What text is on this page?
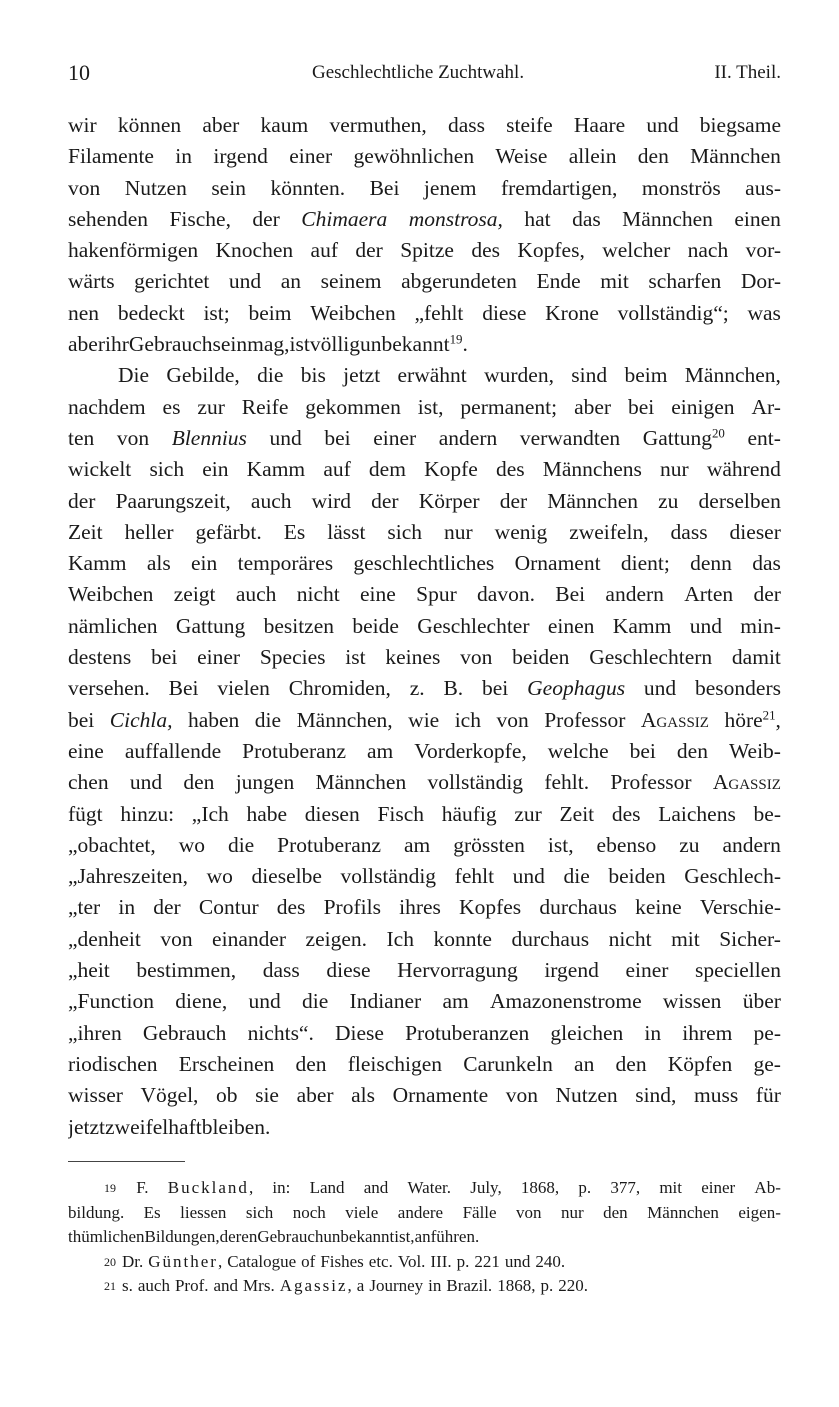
10	Geschlechtliche Zuchtwahl.	II. Theil.
wir können aber kaum vermuthen, dass steife Haare und biegsame
Filamente in irgend einer gewöhnlichen Weise allein den Männchen
von Nutzen sein könnten. Bei jenem fremdartigen, monströs aus-
sehenden Fische, der Chimaera monstrosa, hat das Männchen einen
hakenförmigen Knochen auf der Spitze des Kopfes, welcher nach vor-
wärts gerichtet und an seinem abgerundeten Ende mit scharfen Dor-
nen bedeckt ist; beim Weibchen „fehlt diese Krone vollständig“; was
aber ihr Gebrauch sein mag, ist völlig unbekannt$^{19}$.
Die Gebilde, die bis jetzt erwähnt wurden, sind beim Männchen,
nachdem es zur Reife gekommen ist, permanent; aber bei einigen Ar-
ten von Blennius und bei einer andern verwandten Gattung$^{20}$ ent-
wickelt sich ein Kamm auf dem Kopfe des Männchens nur während
der Paarungszeit, auch wird der Körper der Männchen zu derselben
Zeit heller gefärbt. Es lässt sich nur wenig zweifeln, dass dieser
Kamm als ein temporäres geschlechtliches Ornament dient; denn das
Weibchen zeigt auch nicht eine Spur davon. Bei andern Arten der
nämlichen Gattung besitzen beide Geschlechter einen Kamm und min-
destens bei einer Species ist keines von beiden Geschlechtern damit
versehen. Bei vielen Chromiden, z. B. bei Geophagus und besonders
bei Cichla, haben die Männchen, wie ich von Professor Agassiz höre$^{21}$,
eine auffallende Protuberanz am Vorderkopfe, welche bei den Weib-
chen und den jungen Männchen vollständig fehlt. Professor Agassiz
fügt hinzu: „Ich habe diesen Fisch häufig zur Zeit des Laichens be-
„obachtet, wo die Protuberanz am grössten ist, ebenso zu andern
„Jahreszeiten, wo dieselbe vollständig fehlt und die beiden Geschlech-
„ter in der Contur des Profils ihres Kopfes durchaus keine Verschie-
„denheit von einander zeigen. Ich konnte durchaus nicht mit Sicher-
„heit bestimmen, dass diese Hervorragung irgend einer speciellen
„Function diene, und die Indianer am Amazonenstrome wissen über
„ihren Gebrauch nichts“. Diese Protuberanzen gleichen in ihrem pe-
riodischen Erscheinen den fleischigen Carunkeln an den Köpfen ge-
wisser Vögel, ob sie aber als Ornamente von Nutzen sind, muss für
jetzt zweifelhaft bleiben.
19 F. Buckland, in: Land and Water. July, 1868, p. 377, mit einer Ab-
bildung. Es liessen sich noch viele andere Fälle von nur den Männchen eigen-
thümlichen Bildungen, deren Gebrauch unbekannt ist, anführen.
20 Dr. Günther, Catalogue of Fishes etc. Vol. III. p. 221 und 240.
21 s. auch Prof. and Mrs. Agassiz, a Journey in Brazil. 1868, p. 220.
